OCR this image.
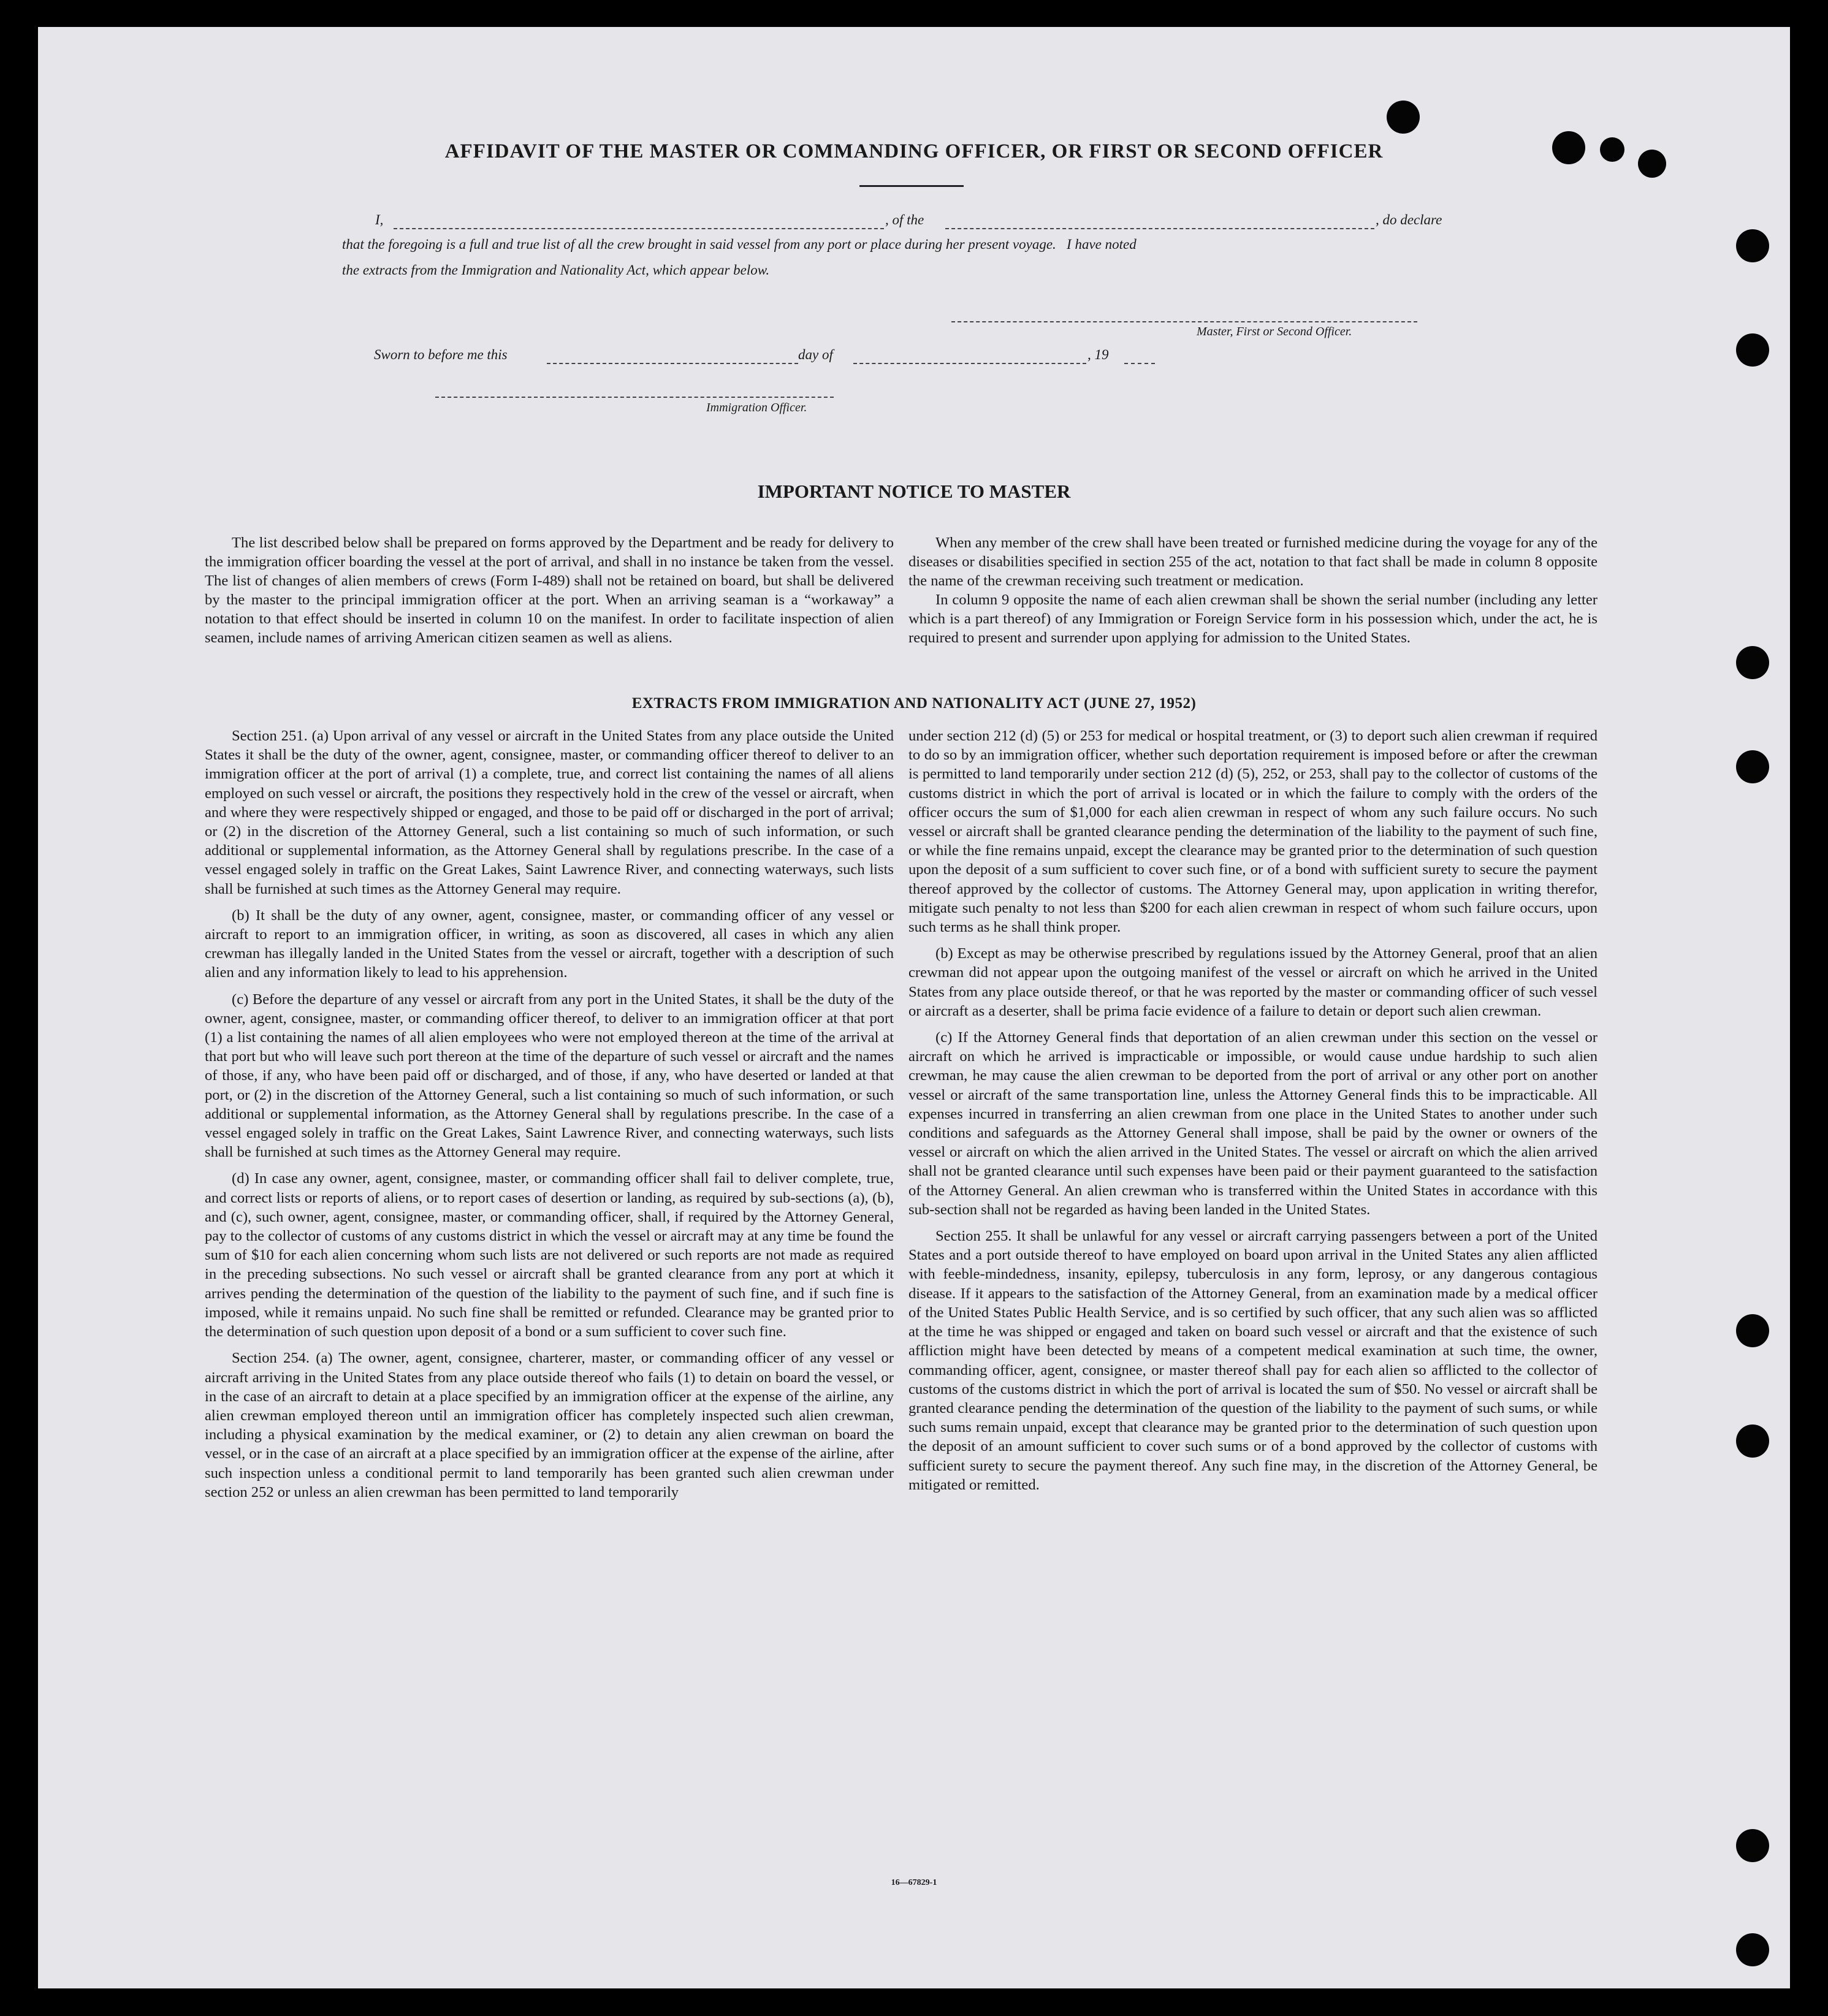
AFFIDAVIT OF THE MASTER OR COMMANDING OFFICER, OR FIRST OR SECOND OFFICER
I,	, of the	, do declare
that the foregoing is a full and true list of all the crew brought in said vessel from any port or place during her present voyage.   I have noted
the extracts from the Immigration and Nationality Act, which appear below.
Master, First or Second Officer.
Sworn to before me this	day of	, 19
Immigration Officer.
IMPORTANT NOTICE TO MASTER

The list described below shall be prepared on forms approved by the Department and be ready for delivery to the immigration officer boarding the vessel at the port of arrival, and shall in no instance be taken from the vessel. The list of changes of alien members of crews (Form I-489) shall not be retained on board, but shall be delivered by the master to the principal immigration officer at the port. When an arriving seaman is a “workaway” a notation to that effect should be inserted in column 10 on the manifest. In order to facilitate inspection of alien seamen, include names of arriving American citizen seamen as well as aliens.

When any member of the crew shall have been treated or furnished medicine during the voyage for any of the diseases or disabilities specified in section 255 of the act, notation to that fact shall be made in column 8 opposite the name of the crewman receiving such treatment or medication.

In column 9 opposite the name of each alien crewman shall be shown the serial number (including any letter which is a part thereof) of any Immigration or Foreign Service form in his possession which, under the act, he is required to present and surrender upon applying for admission to the United States.

EXTRACTS FROM IMMIGRATION AND NATIONALITY ACT (JUNE 27, 1952)

Section 251. (a) Upon arrival of any vessel or aircraft in the United States from any place outside the United States it shall be the duty of the owner, agent, consignee, master, or commanding officer thereof to deliver to an immigration officer at the port of arrival (1) a complete, true, and correct list containing the names of all aliens employed on such vessel or aircraft, the positions they respectively hold in the crew of the vessel or aircraft, when and where they were respectively shipped or engaged, and those to be paid off or discharged in the port of arrival; or (2) in the discretion of the Attorney General, such a list containing so much of such information, or such additional or supplemental information, as the Attorney General shall by regulations prescribe. In the case of a vessel engaged solely in traffic on the Great Lakes, Saint Lawrence River, and connecting waterways, such lists shall be furnished at such times as the Attorney General may require.

(b) It shall be the duty of any owner, agent, consignee, master, or commanding officer of any vessel or aircraft to report to an immigration officer, in writing, as soon as discovered, all cases in which any alien crewman has illegally landed in the United States from the vessel or aircraft, together with a description of such alien and any information likely to lead to his apprehension.

(c) Before the departure of any vessel or aircraft from any port in the United States, it shall be the duty of the owner, agent, consignee, master, or commanding officer thereof, to deliver to an immigration officer at that port (1) a list containing the names of all alien employees who were not employed thereon at the time of the arrival at that port but who will leave such port thereon at the time of the departure of such vessel or aircraft and the names of those, if any, who have been paid off or discharged, and of those, if any, who have deserted or landed at that port, or (2) in the discretion of the Attorney General, such a list containing so much of such information, or such additional or supplemental information, as the Attorney General shall by regulations prescribe. In the case of a vessel engaged solely in traffic on the Great Lakes, Saint Lawrence River, and connecting waterways, such lists shall be furnished at such times as the Attorney General may require.

(d) In case any owner, agent, consignee, master, or commanding officer shall fail to deliver complete, true, and correct lists or reports of aliens, or to report cases of desertion or landing, as required by sub-sections (a), (b), and (c), such owner, agent, consignee, master, or commanding officer, shall, if required by the Attorney General, pay to the collector of customs of any customs district in which the vessel or aircraft may at any time be found the sum of $10 for each alien concerning whom such lists are not delivered or such reports are not made as required in the preceding subsections. No such vessel or aircraft shall be granted clearance from any port at which it arrives pending the determination of the question of the liability to the payment of such fine, and if such fine is imposed, while it remains unpaid. No such fine shall be remitted or refunded. Clearance may be granted prior to the determination of such question upon deposit of a bond or a sum sufficient to cover such fine.

Section 254. (a) The owner, agent, consignee, charterer, master, or commanding officer of any vessel or aircraft arriving in the United States from any place outside thereof who fails (1) to detain on board the vessel, or in the case of an aircraft to detain at a place specified by an immigration officer at the expense of the airline, any alien crewman employed thereon until an immigration officer has completely inspected such alien crewman, including a physical examination by the medical examiner, or (2) to detain any alien crewman on board the vessel, or in the case of an aircraft at a place specified by an immigration officer at the expense of the airline, after such inspection unless a conditional permit to land temporarily has been granted such alien crewman under section 252 or unless an alien crewman has been permitted to land temporarily

under section 212 (d) (5) or 253 for medical or hospital treatment, or (3) to deport such alien crewman if required to do so by an immigration officer, whether such deportation requirement is imposed before or after the crewman is permitted to land temporarily under section 212 (d) (5), 252, or 253, shall pay to the collector of customs of the customs district in which the port of arrival is located or in which the failure to comply with the orders of the officer occurs the sum of $1,000 for each alien crewman in respect of whom any such failure occurs. No such vessel or aircraft shall be granted clearance pending the determination of the liability to the payment of such fine, or while the fine remains unpaid, except the clearance may be granted prior to the determination of such question upon the deposit of a sum sufficient to cover such fine, or of a bond with sufficient surety to secure the payment thereof approved by the collector of customs. The Attorney General may, upon application in writing therefor, mitigate such penalty to not less than $200 for each alien crewman in respect of whom such failure occurs, upon such terms as he shall think proper.

(b) Except as may be otherwise prescribed by regulations issued by the Attorney General, proof that an alien crewman did not appear upon the outgoing manifest of the vessel or aircraft on which he arrived in the United States from any place outside thereof, or that he was reported by the master or commanding officer of such vessel or aircraft as a deserter, shall be prima facie evidence of a failure to detain or deport such alien crewman.

(c) If the Attorney General finds that deportation of an alien crewman under this section on the vessel or aircraft on which he arrived is impracticable or impossible, or would cause undue hardship to such alien crewman, he may cause the alien crewman to be deported from the port of arrival or any other port on another vessel or aircraft of the same transportation line, unless the Attorney General finds this to be impracticable. All expenses incurred in transferring an alien crewman from one place in the United States to another under such conditions and safeguards as the Attorney General shall impose, shall be paid by the owner or owners of the vessel or aircraft on which the alien arrived in the United States. The vessel or aircraft on which the alien arrived shall not be granted clearance until such expenses have been paid or their payment guaranteed to the satisfaction of the Attorney General. An alien crewman who is transferred within the United States in accordance with this sub-section shall not be regarded as having been landed in the United States.

Section 255. It shall be unlawful for any vessel or aircraft carrying passengers between a port of the United States and a port outside thereof to have employed on board upon arrival in the United States any alien afflicted with feeble-mindedness, insanity, epilepsy, tuberculosis in any form, leprosy, or any dangerous contagious disease. If it appears to the satisfaction of the Attorney General, from an examination made by a medical officer of the United States Public Health Service, and is so certified by such officer, that any such alien was so afflicted at the time he was shipped or engaged and taken on board such vessel or aircraft and that the existence of such affliction might have been detected by means of a competent medical examination at such time, the owner, commanding officer, agent, consignee, or master thereof shall pay for each alien so afflicted to the collector of customs of the customs district in which the port of arrival is located the sum of $50. No vessel or aircraft shall be granted clearance pending the determination of the question of the liability to the payment of such sums, or while such sums remain unpaid, except that clearance may be granted prior to the determination of such question upon the deposit of an amount sufficient to cover such sums or of a bond approved by the collector of customs with sufficient surety to secure the payment thereof. Any such fine may, in the discretion of the Attorney General, be mitigated or remitted.

16—67829-1
